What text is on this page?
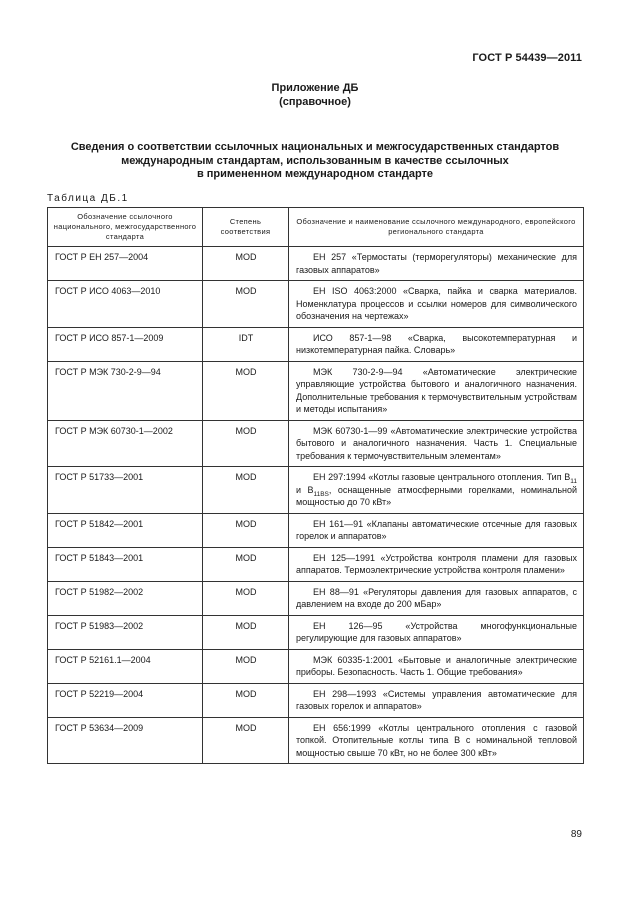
ГОСТ Р 54439—2011
Приложение ДБ
(справочное)
Сведения о соответствии ссылочных национальных и межгосударственных стандартов
международным стандартам, использованным в качестве ссылочных
в примененном международном стандарте
Таблица ДБ.1
Обозначение ссылочного национального, межгосударственного стандарта	Степень соответствия	Обозначение и наименование ссылочного международного, европейского регионального стандарта
ГОСТ Р ЕН 257—2004	MOD	ЕН 257 «Термостаты (терморегуляторы) механические для газовых аппаратов»
ГОСТ Р ИСО 4063—2010	MOD	EH ISO 4063:2000 «Сварка, пайка и сварка материалов. Номенклатура процессов и ссылки номеров для символического обозначения на чертежах»
ГОСТ Р ИСО 857-1—2009	IDT	ИСО 857-1—98 «Сварка, высокотемпературная и низкотемпературная пайка. Словарь»
ГОСТ Р МЭК 730-2-9—94	MOD	МЭК 730-2-9—94 «Автоматические электрические управляющие устройства бытового и аналогичного назначения. Дополнительные требования к термочувствительным устройствам и методы испытания»
ГОСТ Р МЭК 60730-1—2002	MOD	МЭК 60730-1—99 «Автоматические электрические устройства бытового и аналогичного назначения. Часть 1. Специальные требования к термочувствительным элементам»
ГОСТ Р 51733—2001	MOD	ЕН 297:1994 «Котлы газовые центрального отопления. Тип $В_{11}$ и $В_{11BS}$, оснащенные атмосферными горелками, номинальной мощностью до 70 кВт»
ГОСТ Р 51842—2001	MOD	ЕН 161—91 «Клапаны автоматические отсечные для газовых горелок и аппаратов»
ГОСТ Р 51843—2001	MOD	ЕН 125—1991 «Устройства контроля пламени для газовых аппаратов. Термоэлектрические устройства контроля пламени»
ГОСТ Р 51982—2002	MOD	ЕН 88—91 «Регуляторы давления для газовых аппаратов, с давлением на входе до 200 мБар»
ГОСТ Р 51983—2002	MOD	ЕН 126—95 «Устройства многофункциональные регулирующие для газовых аппаратов»
ГОСТ Р 52161.1—2004	MOD	МЭК 60335-1:2001 «Бытовые и аналогичные электрические приборы. Безопасность. Часть 1. Общие требования»
ГОСТ Р 52219—2004	MOD	ЕН 298—1993 «Системы управления автоматические для газовых горелок и аппаратов»
ГОСТ Р 53634—2009	MOD	ЕН 656:1999 «Котлы центрального отопления с газовой топкой. Отопительные котлы типа В с номинальной тепловой мощностью свыше 70 кВт, но не более 300 кВт»
89
